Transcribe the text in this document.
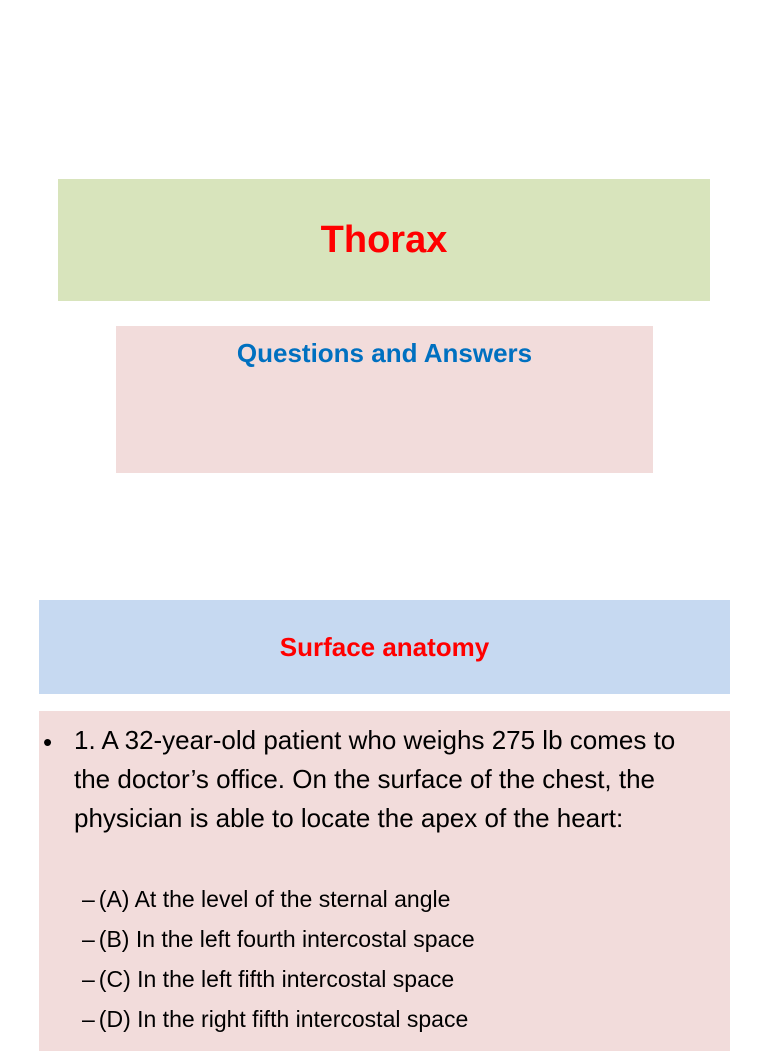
Thorax
Questions and Answers
Surface anatomy
• 1. A 32-year-old patient who weighs 275 lb comes to the doctor’s office. On the surface of the chest, the physician is able to locate the apex of the heart:
– (A) At the level of the sternal angle
– (B) In the left fourth intercostal space
– (C) In the left fifth intercostal space
– (D) In the right fifth intercostal space
